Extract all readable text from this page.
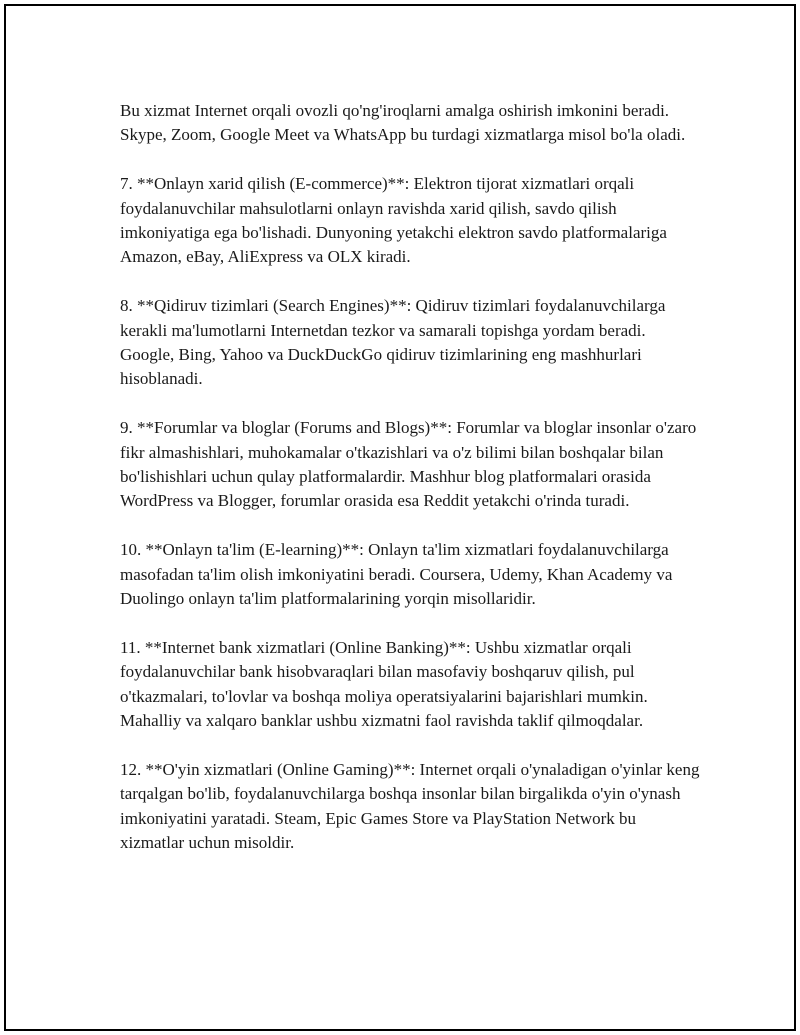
Bu xizmat Internet orqali ovozli qo'ng'iroqlarni amalga oshirish imkonini beradi. Skype, Zoom, Google Meet va WhatsApp bu turdagi xizmatlarga misol bo'la oladi.

7. **Onlayn xarid qilish (E-commerce)**: Elektron tijorat xizmatlari orqali foydalanuvchilar mahsulotlarni onlayn ravishda xarid qilish, savdo qilish imkoniyatiga ega bo'lishadi. Dunyoning yetakchi elektron savdo platformalariga Amazon, eBay, AliExpress va OLX kiradi.

8. **Qidiruv tizimlari (Search Engines)**: Qidiruv tizimlari foydalanuvchilarga kerakli ma'lumotlarni Internetdan tezkor va samarali topishga yordam beradi. Google, Bing, Yahoo va DuckDuckGo qidiruv tizimlarining eng mashhurlari hisoblanadi.

9. **Forumlar va bloglar (Forums and Blogs)**: Forumlar va bloglar insonlar o'zaro fikr almashishlari, muhokamalar o'tkazishlari va o'z bilimi bilan boshqalar bilan bo'lishishlari uchun qulay platformalardir. Mashhur blog platformalari orasida WordPress va Blogger, forumlar orasida esa Reddit yetakchi o'rinda turadi.

10. **Onlayn ta'lim (E-learning)**: Onlayn ta'lim xizmatlari foydalanuvchilarga masofadan ta'lim olish imkoniyatini beradi. Coursera, Udemy, Khan Academy va Duolingo onlayn ta'lim platformalarining yorqin misollaridir.

11. **Internet bank xizmatlari (Online Banking)**: Ushbu xizmatlar orqali foydalanuvchilar bank hisobvaraqlari bilan masofaviy boshqaruv qilish, pul o'tkazmalari, to'lovlar va boshqa moliya operatsiyalarini bajarishlari mumkin. Mahalliy va xalqaro banklar ushbu xizmatni faol ravishda taklif qilmoqdalar.

12. **O'yin xizmatlari (Online Gaming)**: Internet orqali o'ynaladigan o'yinlar keng tarqalgan bo'lib, foydalanuvchilarga boshqa insonlar bilan birgalikda o'yin o'ynash imkoniyatini yaratadi. Steam, Epic Games Store va PlayStation Network bu xizmatlar uchun misoldir.
